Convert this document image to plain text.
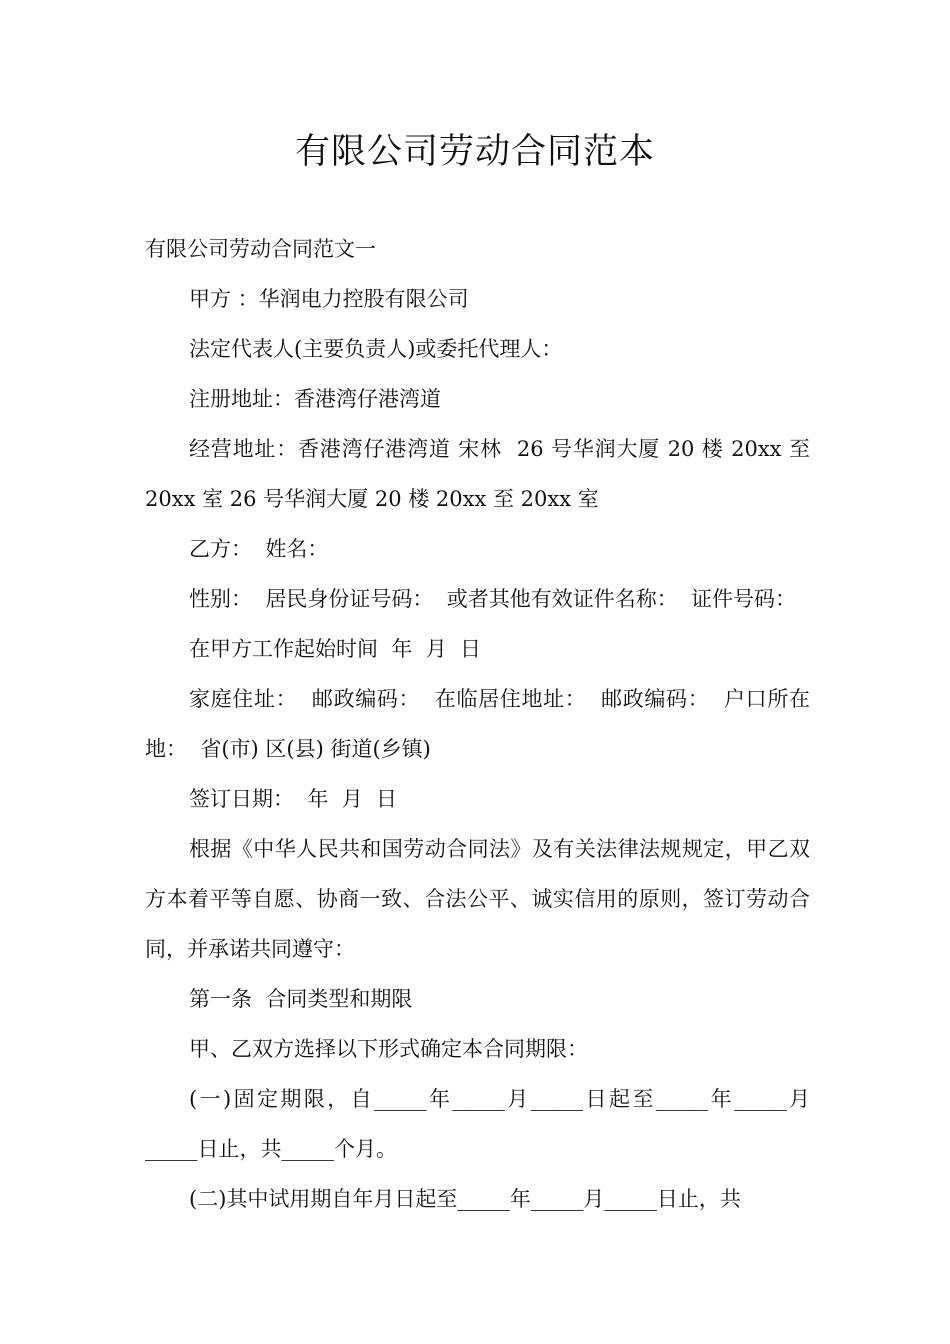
有限公司劳动合同范本

有限公司劳动合同范文一

甲方 ：华润电力控股有限公司

法定代表人(主要负责人)或委托代理人：

注册地址：香港湾仔港湾道

经营地址：香港湾仔港湾道 宋林  26 号华润大厦 20 楼 20xx 至 20xx 室 26 号华润大厦 20 楼 20xx 至 20xx 室

乙方：  姓名：

性别：  居民身份证号码：  或者其他有效证件名称：  证件号码：

在甲方工作起始时间  年  月  日

家庭住址：  邮政编码：  在临居住地址：  邮政编码：  户口所在地：  省(市) 区(县) 街道(乡镇)

签订日期：  年  月  日

根据《中华人民共和国劳动合同法》及有关法律法规规定，甲乙双方本着平等自愿、协商一致、合法公平、诚实信用的原则，签订劳动合同，并承诺共同遵守：

第一条  合同类型和期限

甲、乙双方选择以下形式确定本合同期限：

(一)固定期限，自_____年_____月_____日起至_____年_____月_____日止，共_____个月。

(二)其中试用期自年月日起至_____年_____月_____日止，共
